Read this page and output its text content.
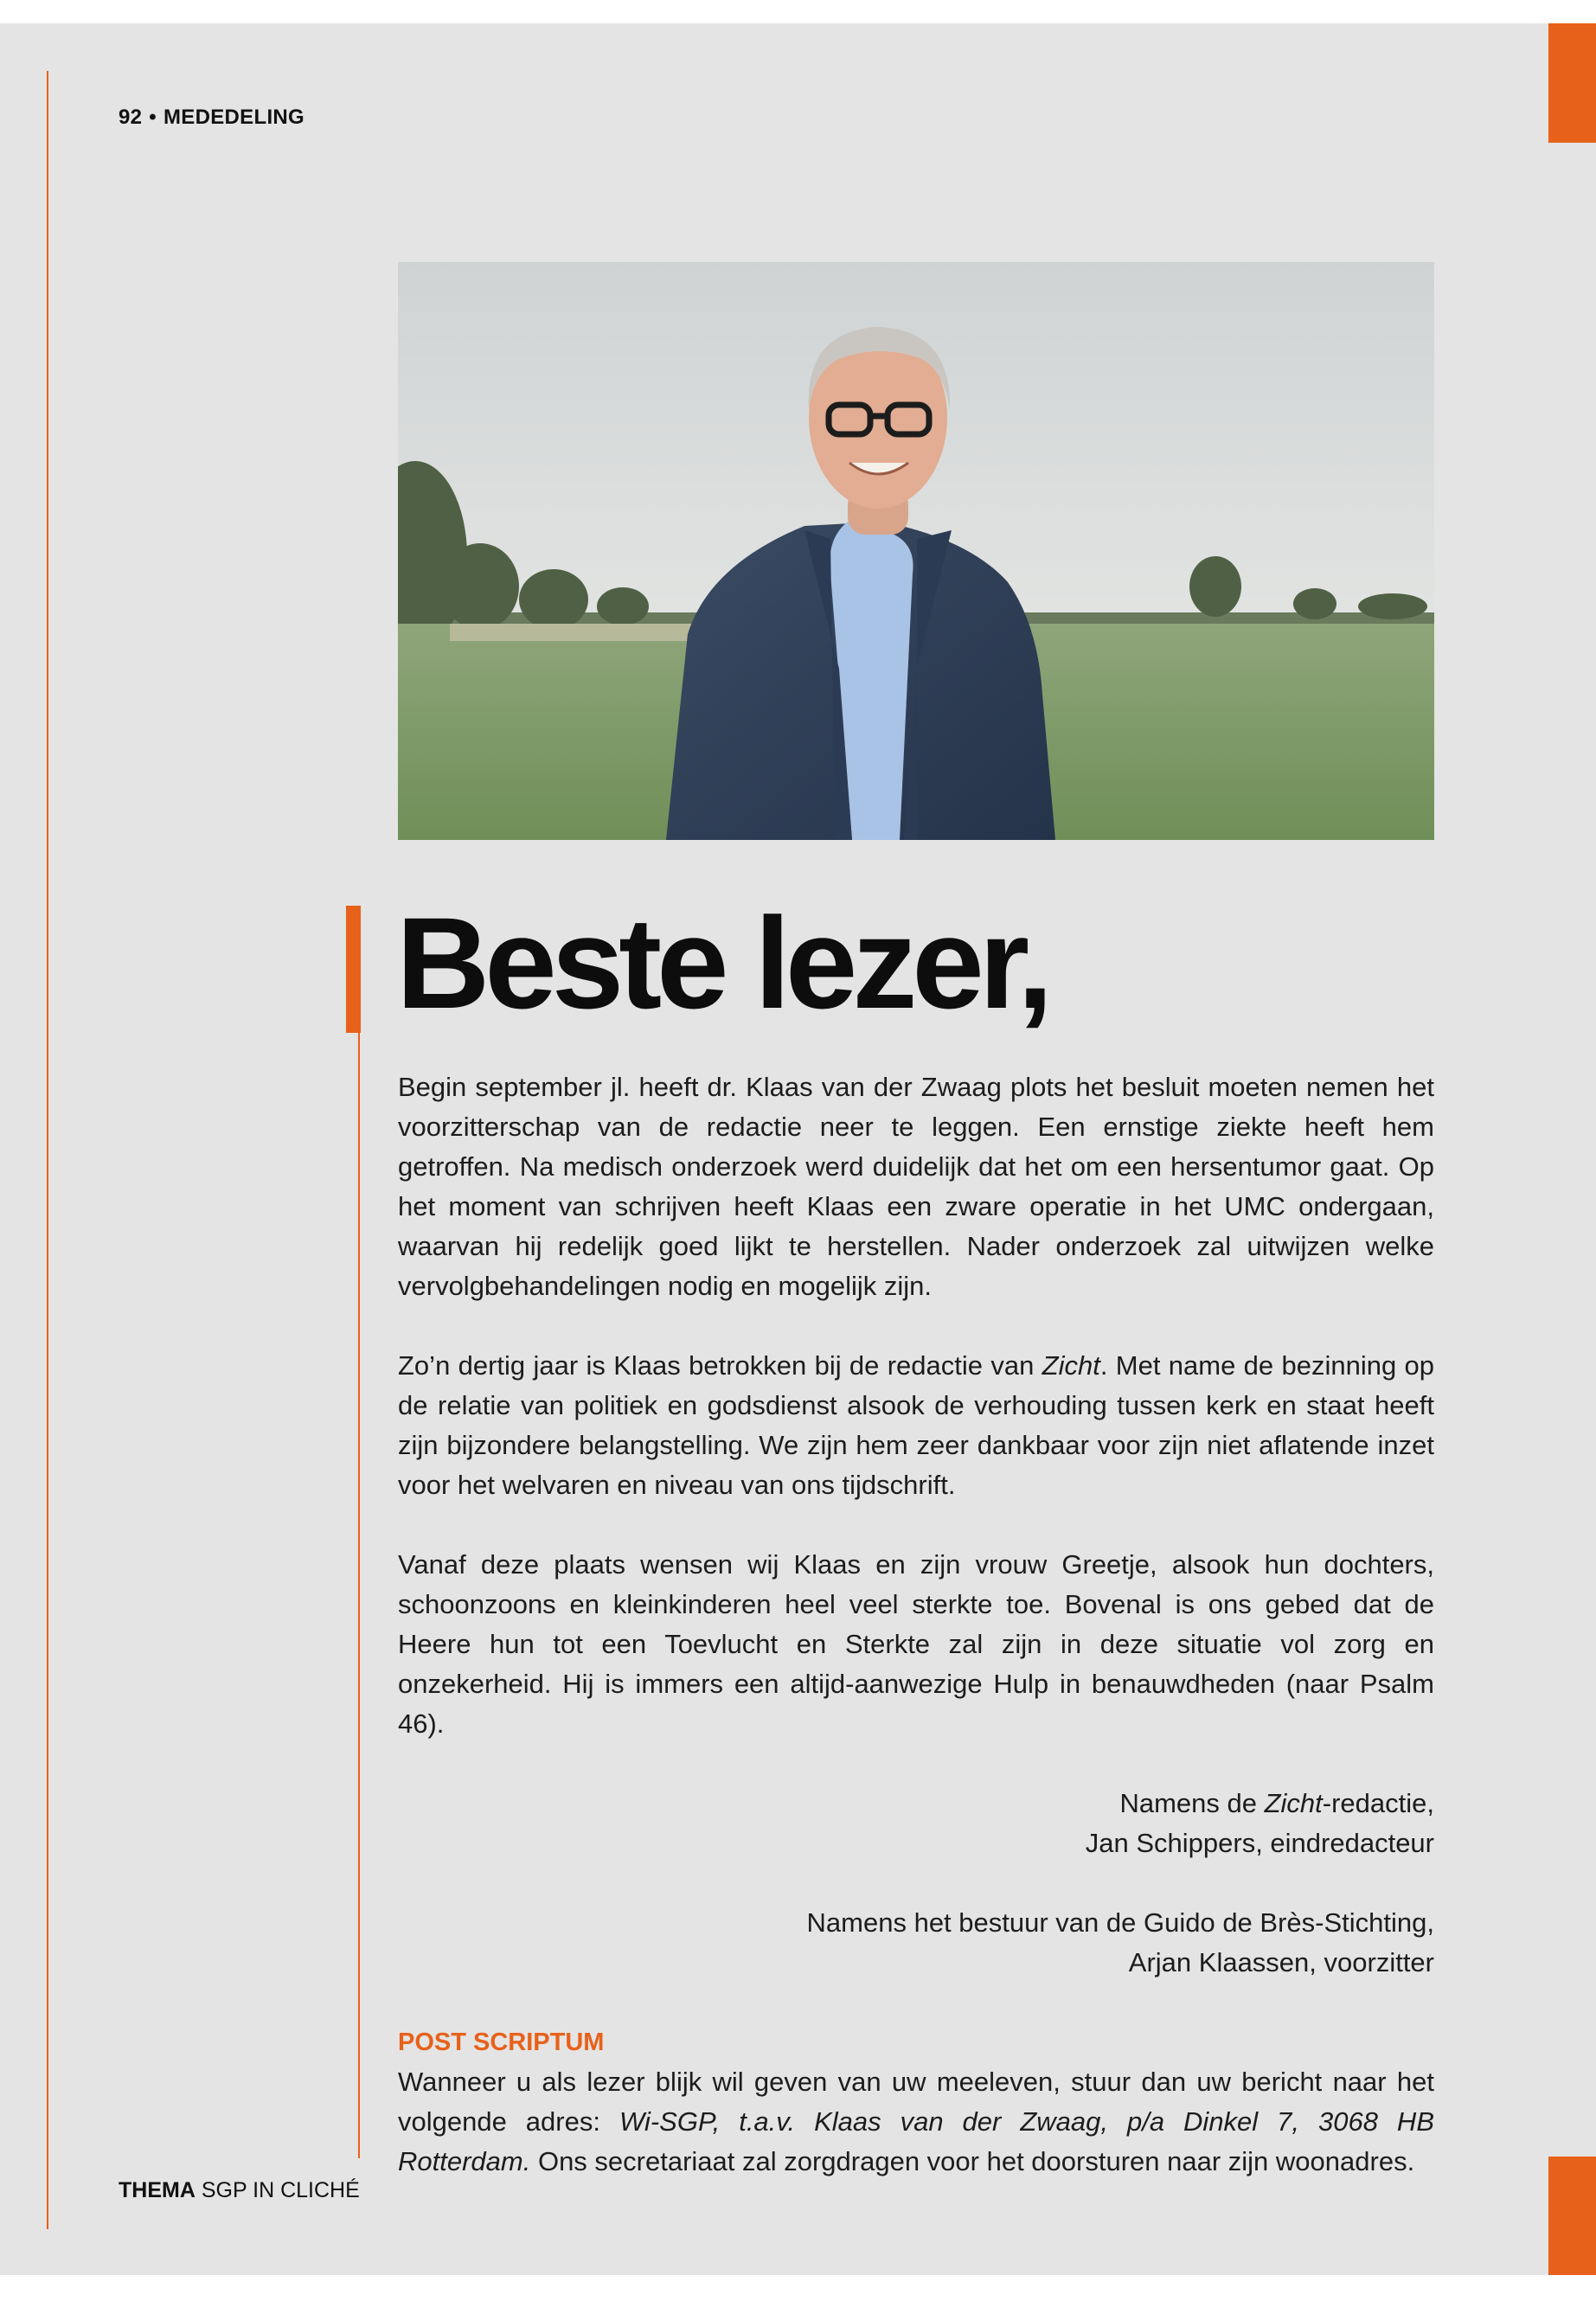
92 • MEDEDELING
Beste lezer,

Begin september jl. heeft dr. Klaas van der Zwaag plots het besluit moeten nemen het voorzitterschap van de redactie neer te leggen. Een ernstige ziekte heeft hem getroffen. Na medisch onderzoek werd duidelijk dat het om een hersentumor gaat. Op het moment van schrijven heeft Klaas een zware operatie in het UMC ondergaan, waarvan hij redelijk goed lijkt te herstellen. Nader onderzoek zal uitwijzen welke vervolgbehandelingen nodig en mogelijk zijn.

Zo’n dertig jaar is Klaas betrokken bij de redactie van Zicht. Met name de bezinning op de relatie van politiek en godsdienst alsook de verhouding tussen kerk en staat heeft zijn bijzondere belangstelling. We zijn hem zeer dankbaar voor zijn niet aflatende inzet voor het welvaren en niveau van ons tijdschrift.

Vanaf deze plaats wensen wij Klaas en zijn vrouw Greetje, alsook hun dochters, schoonzoons en kleinkinderen heel veel sterkte toe. Bovenal is ons gebed dat de Heere hun tot een Toevlucht en Sterkte zal zijn in deze situatie vol zorg en onzekerheid. Hij is immers een altijd-aanwezige Hulp in benauwdheden (naar Psalm 46).

Namens de Zicht-redactie,
Jan Schippers, eindredacteur

Namens het bestuur van de Guido de Brès-Stichting,
Arjan Klaassen, voorzitter

POST SCRIPTUM

Wanneer u als lezer blijk wil geven van uw meeleven, stuur dan uw bericht naar het volgende adres: Wi-SGP, t.a.v. Klaas van der Zwaag, p/a Dinkel 7, 3068 HB Rotterdam. Ons secretariaat zal zorgdragen voor het doorsturen naar zijn woonadres.

THEMA SGP IN CLICHÉ
